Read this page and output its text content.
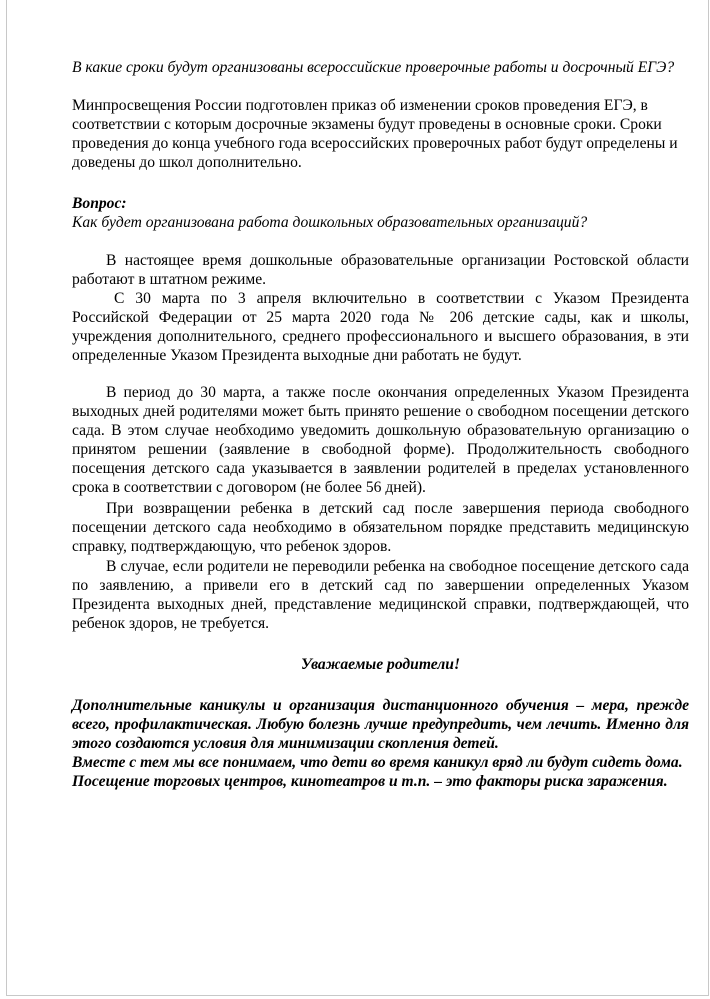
В какие сроки будут организованы всероссийские проверочные работы и досрочный ЕГЭ?

Минпросвещения России подготовлен приказ об изменении сроков проведения ЕГЭ, в соответствии с которым досрочные экзамены будут проведены в основные сроки. Сроки проведения до конца учебного года всероссийских проверочных работ будут определены и доведены до школ дополнительно.

Вопрос:

Как будет организована работа дошкольных образовательных организаций?

В настоящее время дошкольные образовательные организации Ростовской области работают в штатном режиме.

С 30 марта по 3 апреля включительно в соответствии с Указом Президента Российской Федерации от 25 марта 2020 года № 206 детские сады, как и школы, учреждения дополнительного, среднего профессионального и высшего образования, в эти определенные Указом Президента выходные дни работать не будут.

В период до 30 марта, а также после окончания определенных Указом Президента выходных дней родителями может быть принято решение о свободном посещении детского сада. В этом случае необходимо уведомить дошкольную образовательную организацию о принятом решении (заявление в свободной форме). Продолжительность свободного посещения детского сада указывается в заявлении родителей в пределах установленного срока в соответствии с договором (не более 56 дней).

При возвращении ребенка в детский сад после завершения периода свободного посещении детского сада необходимо в обязательном порядке представить медицинскую справку, подтверждающую, что ребенок здоров.

В случае, если родители не переводили ребенка на свободное посещение детского сада по заявлению, а привели его в детский сад по завершении определенных Указом Президента выходных дней, представление медицинской справки, подтверждающей, что ребенок здоров, не требуется.

Уважаемые родители!

Дополнительные каникулы и организация дистанционного обучения – мера, прежде всего, профилактическая. Любую болезнь лучше предупредить, чем лечить. Именно для этого создаются условия для минимизации скопления детей.

Вместе с тем мы все понимаем, что дети во время каникул вряд ли будут сидеть дома.

Посещение торговых центров, кинотеатров и т.п. – это факторы риска заражения.
